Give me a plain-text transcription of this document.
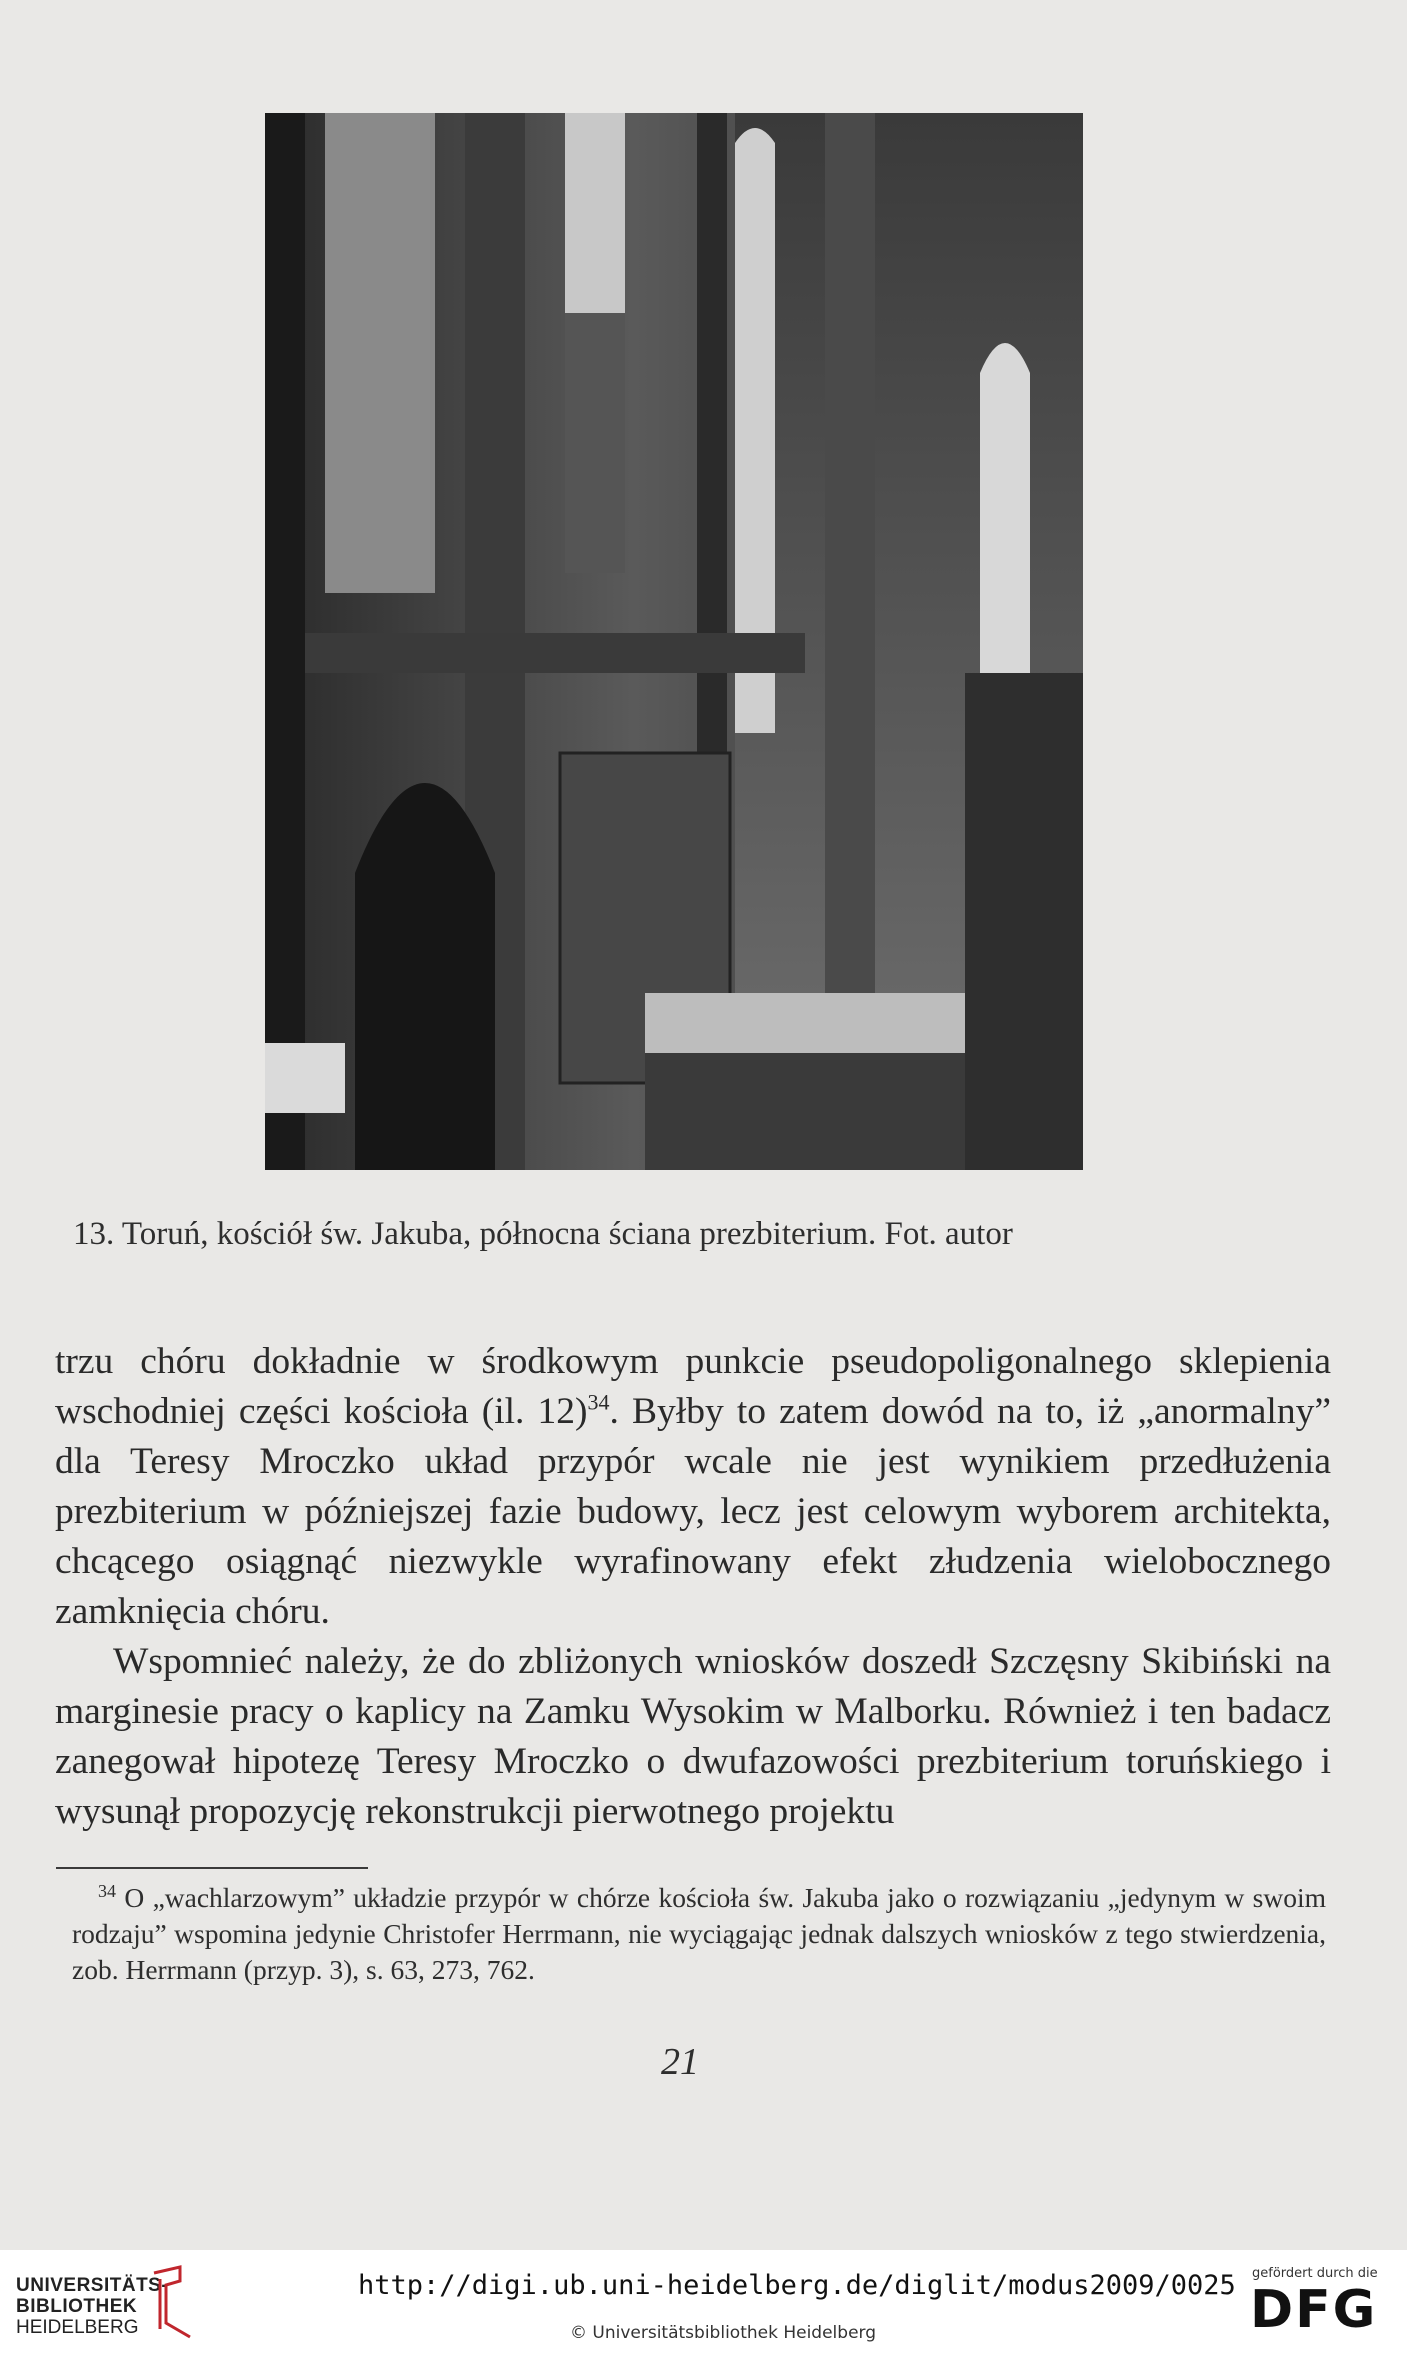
13. Toruń, kościół św. Jakuba, północna ściana prezbiterium. Fot. autor

trzu chóru dokładnie w środkowym punkcie pseudopoligonalnego sklepienia wschodniej części kościoła (il. 12)$^{34}$. Byłby to zatem dowód na to, iż „anormalny” dla Teresy Mroczko układ przypór wcale nie jest wynikiem przedłużenia prezbiterium w późniejszej fazie budowy, lecz jest celowym wyborem architekta, chcącego osiągnąć niezwykle wyrafinowany efekt złudzenia wielobocznego zamknięcia chóru.

Wspomnieć należy, że do zbliżonych wniosków doszedł Szczęsny Skibiński na marginesie pracy o kaplicy na Zamku Wysokim w Malborku. Również i ten badacz zanegował hipotezę Teresy Mroczko o dwufazowości prezbiterium toruńskiego i wysunął propozycję rekonstrukcji pierwotnego projektu

$^{34}$ O „wachlarzowym” układzie przypór w chórze kościoła św. Jakuba jako o rozwiązaniu „jedynym w swoim rodzaju” wspomina jedynie Christofer Herrmann, nie wyciągając jednak dalszych wniosków z tego stwierdzenia, zob. Herrmann (przyp. 3), s. 63, 273, 762.
21
UNIVERSITÄTS-
BIBLIOTHEK
HEIDELBERG
http://digi.ub.uni-heidelberg.de/diglit/modus2009/0025
© Universitätsbibliothek Heidelberg
gefördert durch die
DFG
